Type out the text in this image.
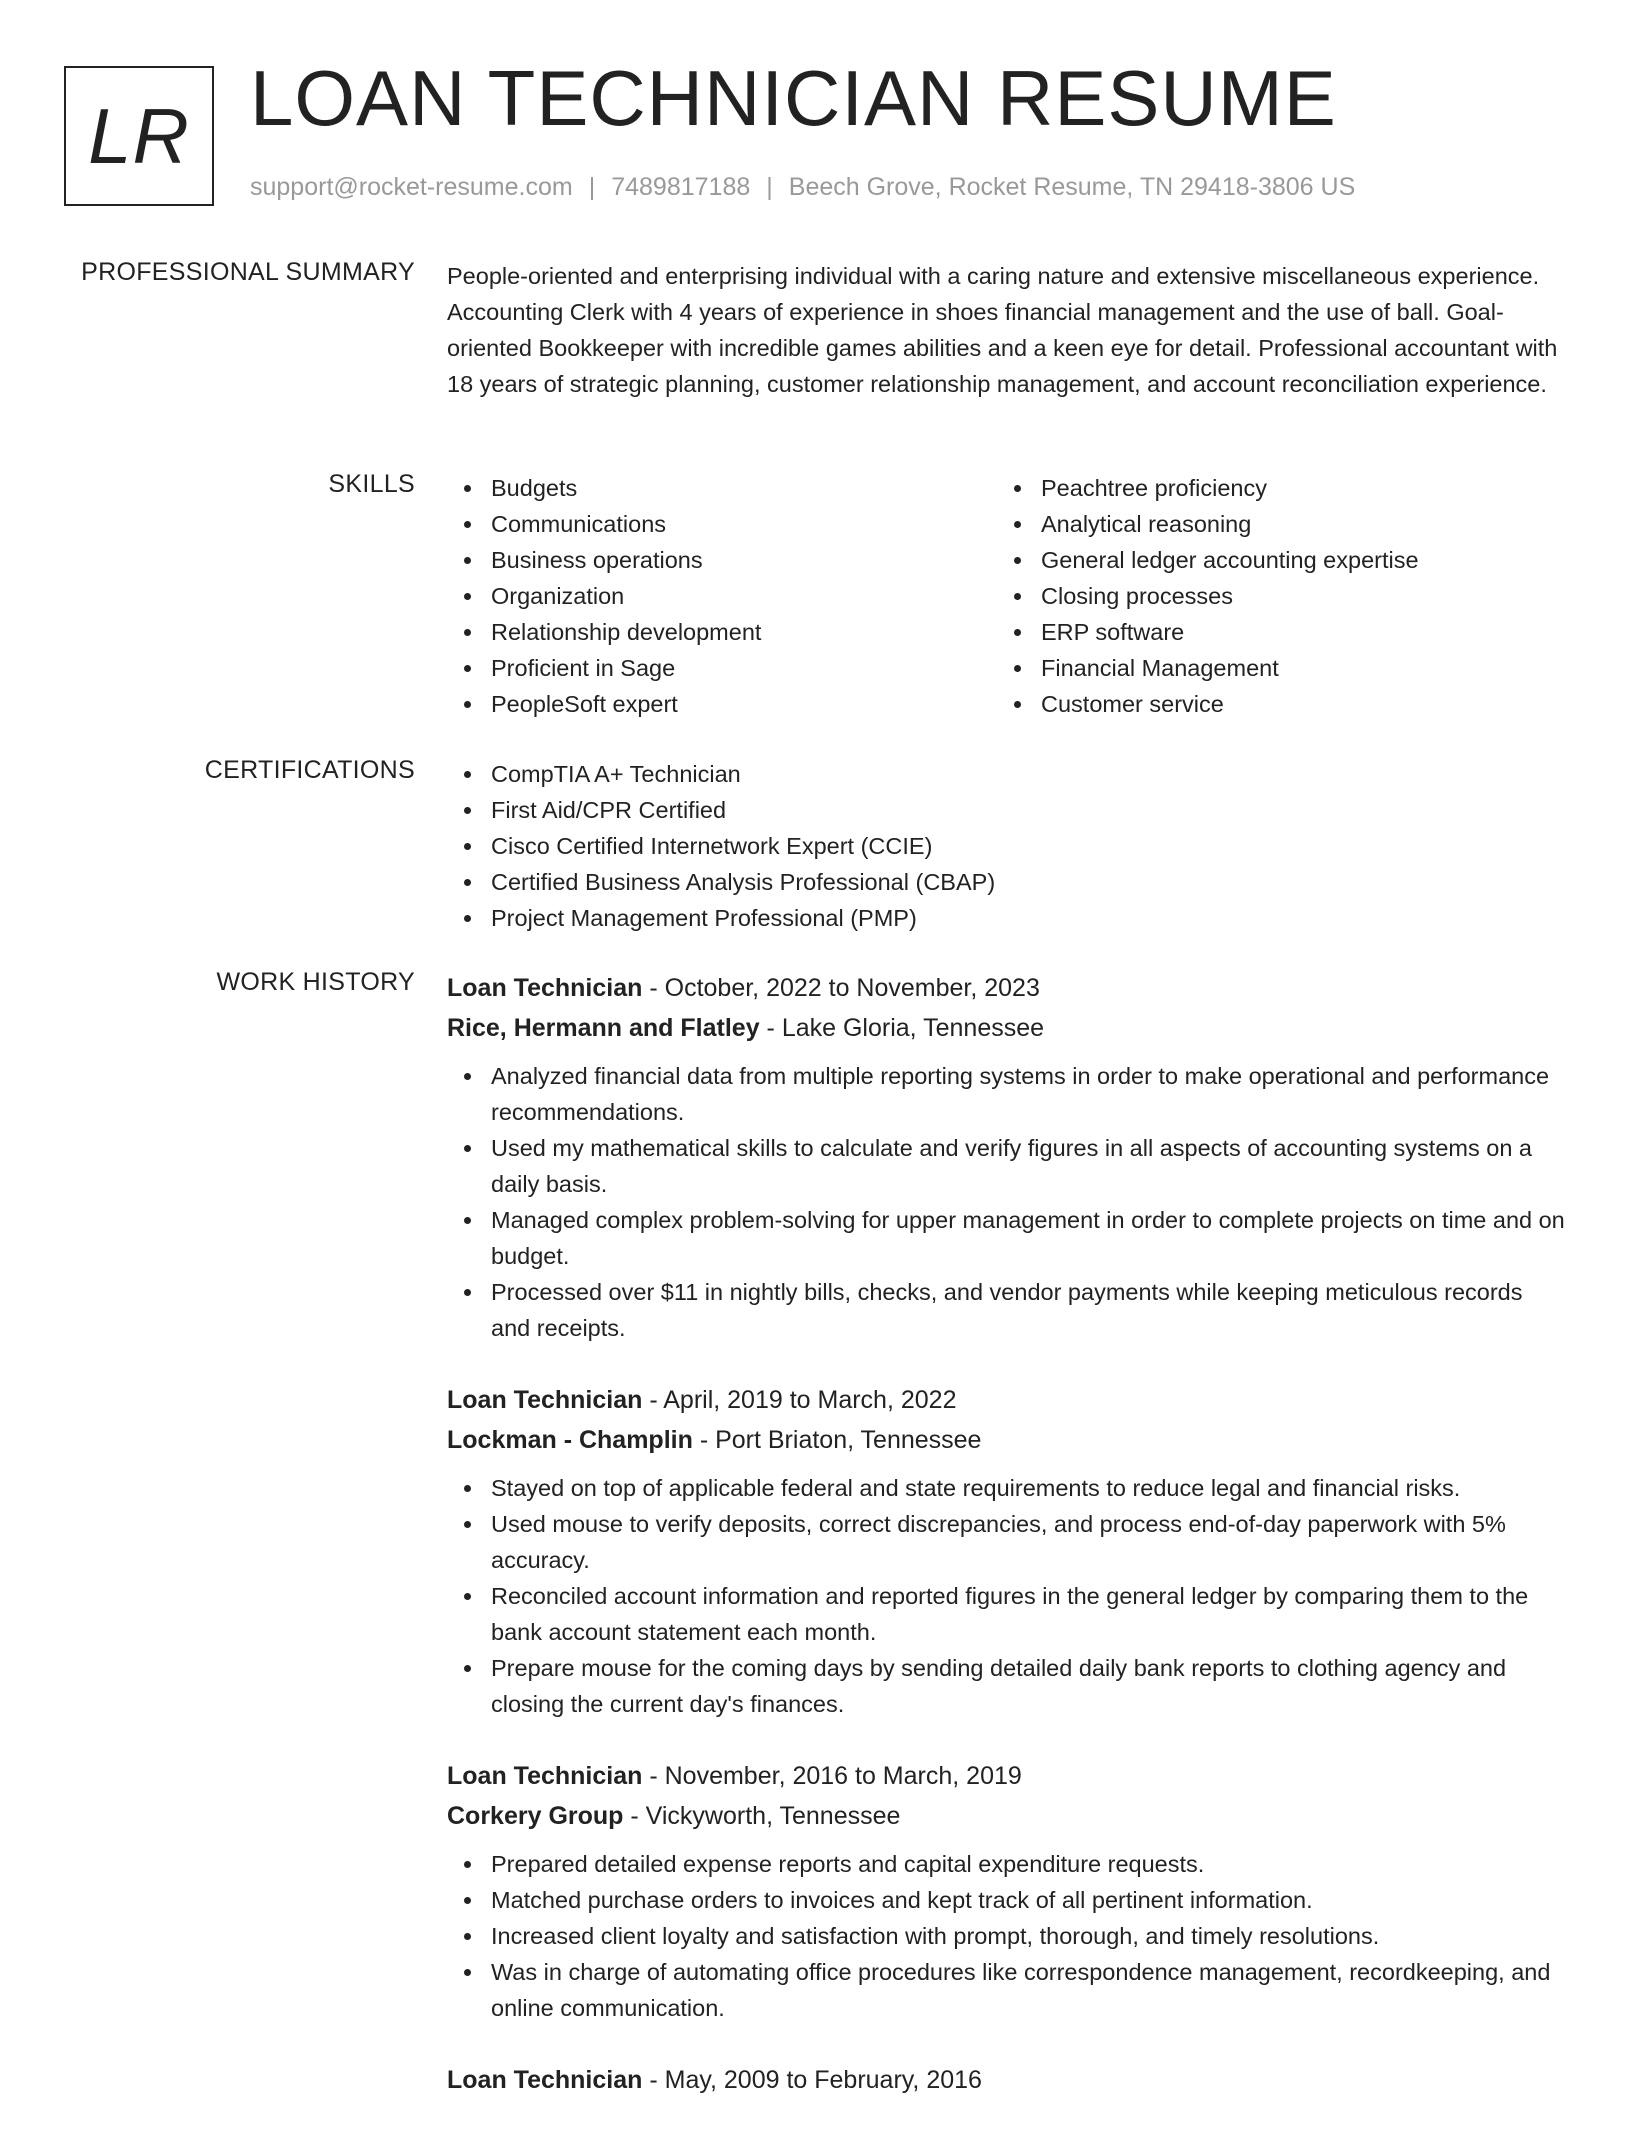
LR LOAN TECHNICIAN RESUME
support@rocket-resume.com | 7489817188 | Beech Grove, Rocket Resume, TN 29418-3806 US
PROFESSIONAL SUMMARY People-oriented and enterprising individual with a caring nature and extensive miscellaneous experience. Accounting Clerk with 4 years of experience in shoes financial management and the use of ball. Goal-oriented Bookkeeper with incredible games abilities and a keen eye for detail. Professional accountant with 18 years of strategic planning, customer relationship management, and account reconciliation experience.

SKILLS	Budgets
Communications
Business operations
Organization
Relationship development
Proficient in Sage
PeopleSoft expert
Peachtree proficiency
Analytical reasoning
General ledger accounting expertise
Closing processes
ERP software
Financial Management
Customer service
CERTIFICATIONS	CompTIA A+ Technician
First Aid/CPR Certified
Cisco Certified Internetwork Expert (CCIE)
Certified Business Analysis Professional (CBAP)
Project Management Professional (PMP)
WORK HISTORY Loan Technician - October, 2022 to November, 2023
Rice, Hermann and Flatley - Lake Gloria, Tennessee
Analyzed financial data from multiple reporting systems in order to make operational and performance recommendations.
Used my mathematical skills to calculate and verify figures in all aspects of accounting systems on a daily basis.
Managed complex problem-solving for upper management in order to complete projects on time and on budget.
Processed over $11 in nightly bills, checks, and vendor payments while keeping meticulous records and receipts.
Loan Technician - April, 2019 to March, 2022
Lockman - Champlin - Port Briaton, Tennessee
Stayed on top of applicable federal and state requirements to reduce legal and financial risks.
Used mouse to verify deposits, correct discrepancies, and process end-of-day paperwork with 5% accuracy.
Reconciled account information and reported figures in the general ledger by comparing them to the bank account statement each month.
Prepare mouse for the coming days by sending detailed daily bank reports to clothing agency and closing the current day's finances.
Loan Technician - November, 2016 to March, 2019
Corkery Group - Vickyworth, Tennessee
Prepared detailed expense reports and capital expenditure requests.
Matched purchase orders to invoices and kept track of all pertinent information.
Increased client loyalty and satisfaction with prompt, thorough, and timely resolutions.
Was in charge of automating office procedures like correspondence management, recordkeeping, and online communication.
Loan Technician - May, 2009 to February, 2016
